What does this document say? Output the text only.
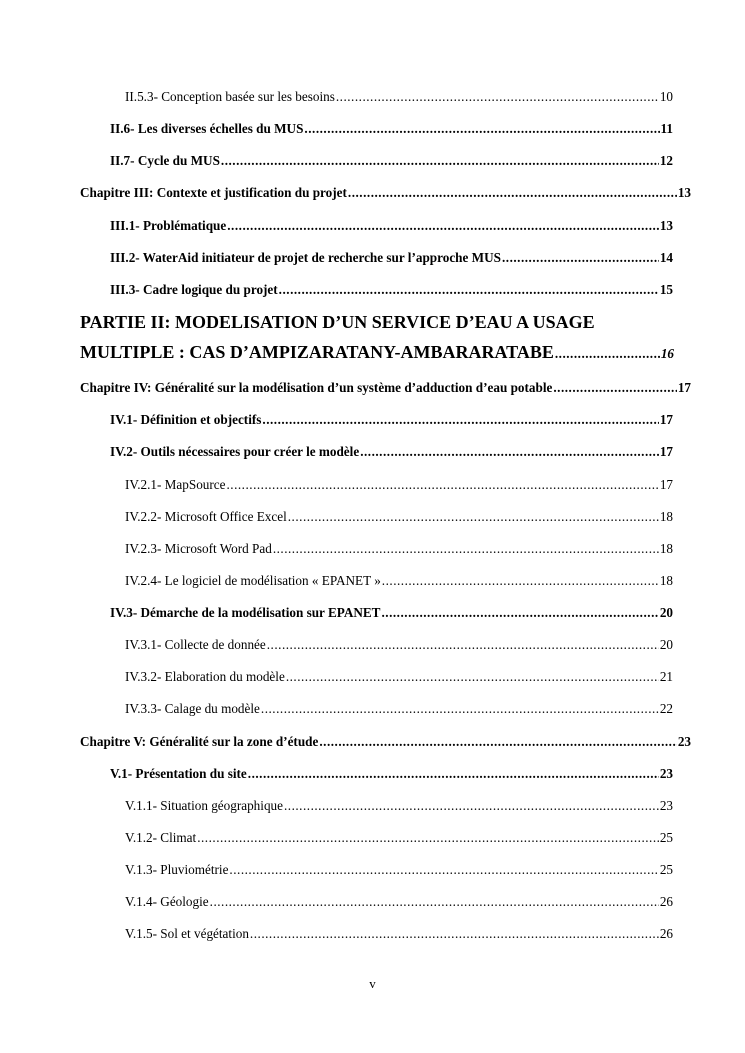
II.5.3- Conception basée sur les besoins .....	10
II.6- Les diverses échelles du MUS .....	11
II.7- Cycle du MUS .....	12
Chapitre III: Contexte et justification du projet .....	13
III.1- Problématique .....	13
III.2- WaterAid initiateur de projet de recherche sur l’approche MUS .....	14
III.3- Cadre logique du projet .....	15
PARTIE II: MODELISATION D’UN SERVICE D’EAU A USAGE
MULTIPLE : CAS D’AMPIZARATANY-AMBARARATABE .....	16
Chapitre IV: Généralité sur la modélisation d’un système d’adduction d’eau potable .....	17
IV.1- Définition et objectifs .....	17
IV.2- Outils nécessaires pour créer le modèle .....	17
IV.2.1- MapSource .....	17
IV.2.2- Microsoft Office Excel .....	18
IV.2.3- Microsoft Word Pad .....	18
IV.2.4- Le logiciel de modélisation « EPANET » .....	18
IV.3- Démarche de la modélisation sur EPANET .....	20
IV.3.1- Collecte de donnée .....	20
IV.3.2- Elaboration du modèle .....	21
IV.3.3- Calage du modèle .....	22
Chapitre V: Généralité sur la zone d’étude .....	23
V.1- Présentation du site .....	23
V.1.1- Situation géographique .....	23
V.1.2- Climat .....	25
V.1.3- Pluviométrie .....	25
V.1.4- Géologie .....	26
V.1.5- Sol et végétation .....	26
v
